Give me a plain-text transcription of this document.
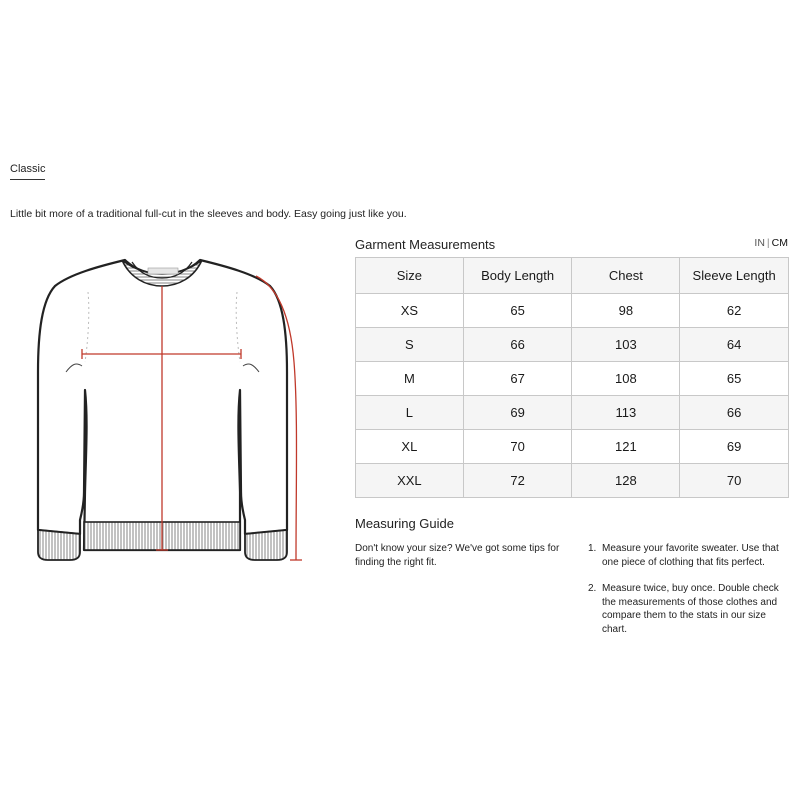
Classic
Little bit more of a traditional full-cut in the sleeves and body. Easy going just like you.
Garment Measurements	IN | CM
Size	Body Length	Chest	Sleeve Length
XS	65	98	62
S	66	103	64
M	67	108	65
L	69	113	66
XL	70	121	69
XXL	72	128	70
Measuring Guide
Don't know your size? We've got some tips for finding the right fit.
1. Measure your favorite sweater. Use that one piece of clothing that fits perfect.
2. Measure twice, buy once. Double check the measurements of those clothes and compare them to the stats in our size chart.
